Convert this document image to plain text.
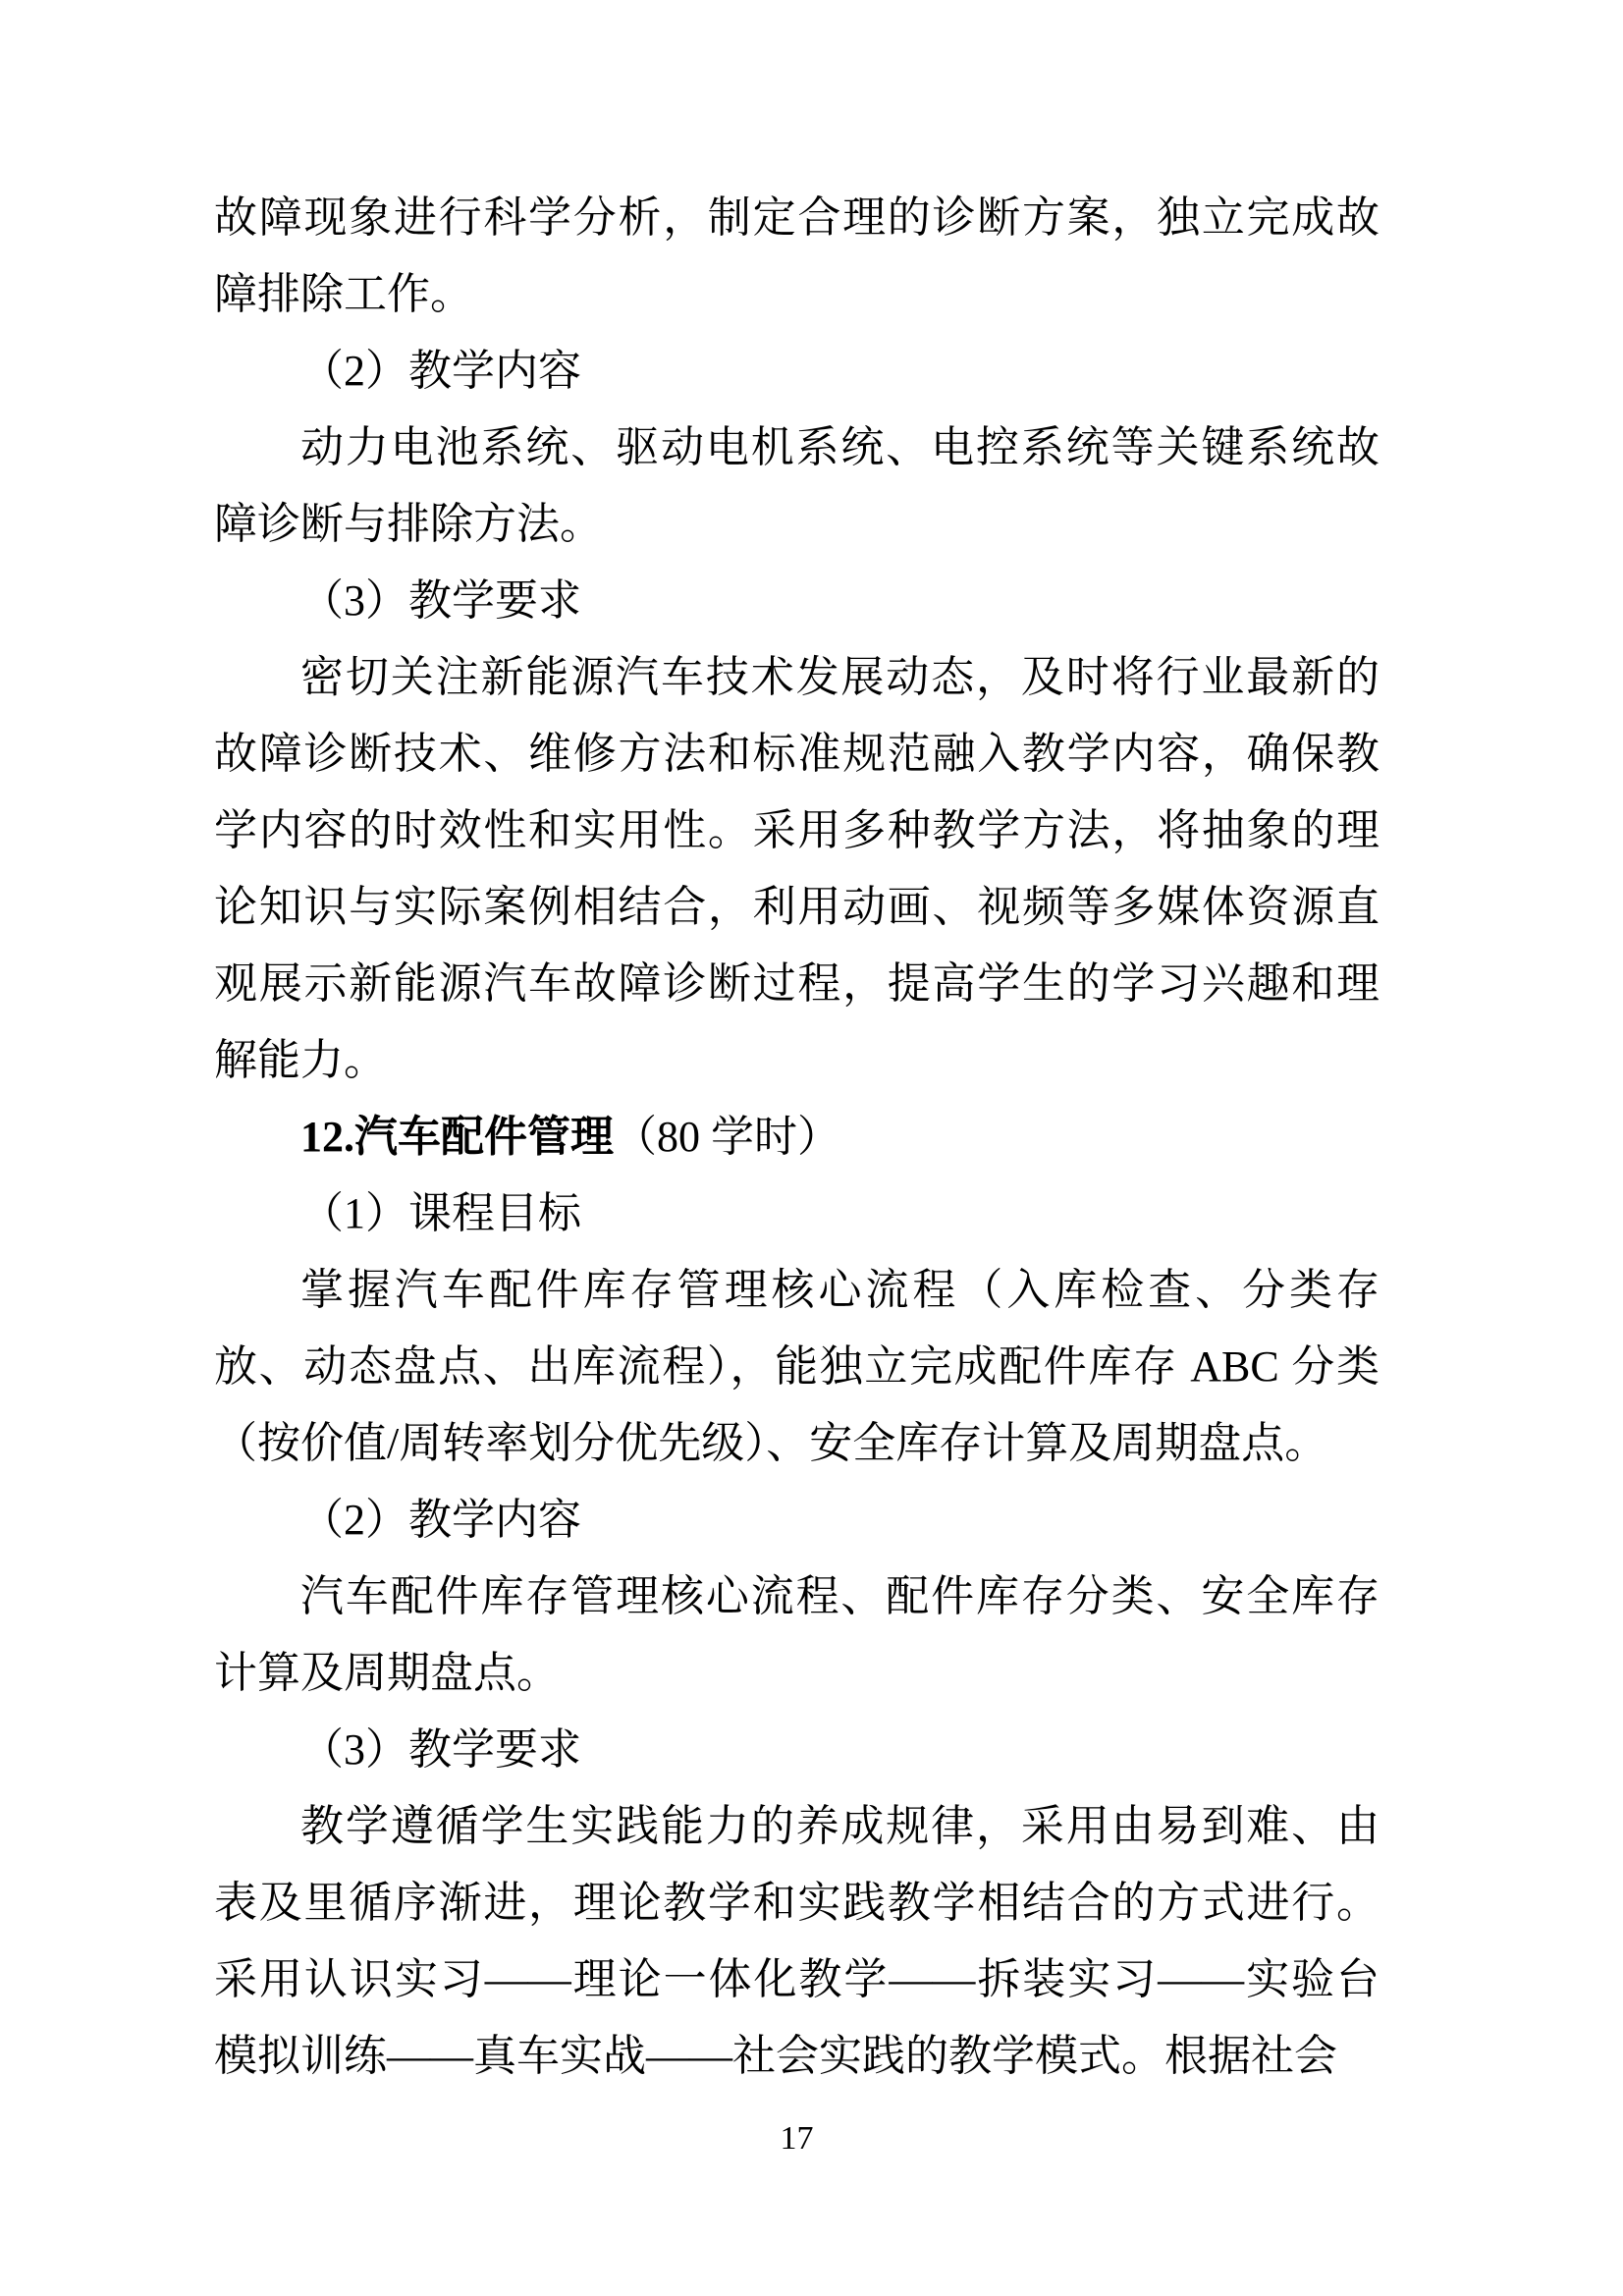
故障现象进行科学分析，制定合理的诊断方案，独立完成故障排除工作。

（2）教学内容

动力电池系统、驱动电机系统、电控系统等关键系统故障诊断与排除方法。

（3）教学要求

密切关注新能源汽车技术发展动态，及时将行业最新的故障诊断技术、维修方法和标准规范融入教学内容，确保教学内容的时效性和实用性。采用多种教学方法，将抽象的理论知识与实际案例相结合，利用动画、视频等多媒体资源直观展示新能源汽车故障诊断过程，提高学生的学习兴趣和理解能力。

12.汽车配件管理（80 学时）

（1）课程目标

掌握汽车配件库存管理核心流程（入库检查、分类存放、动态盘点、出库流程），能独立完成配件库存 ABC 分类（按价值/周转率划分优先级）、安全库存计算及周期盘点。

（2）教学内容

汽车配件库存管理核心流程、配件库存分类、安全库存计算及周期盘点。

（3）教学要求

教学遵循学生实践能力的养成规律，采用由易到难、由表及里循序渐进，理论教学和实践教学相结合的方式进行。采用认识实习——理论一体化教学——拆装实习——实验台模拟训练——真车实战——社会实践的教学模式。根据社会

17
